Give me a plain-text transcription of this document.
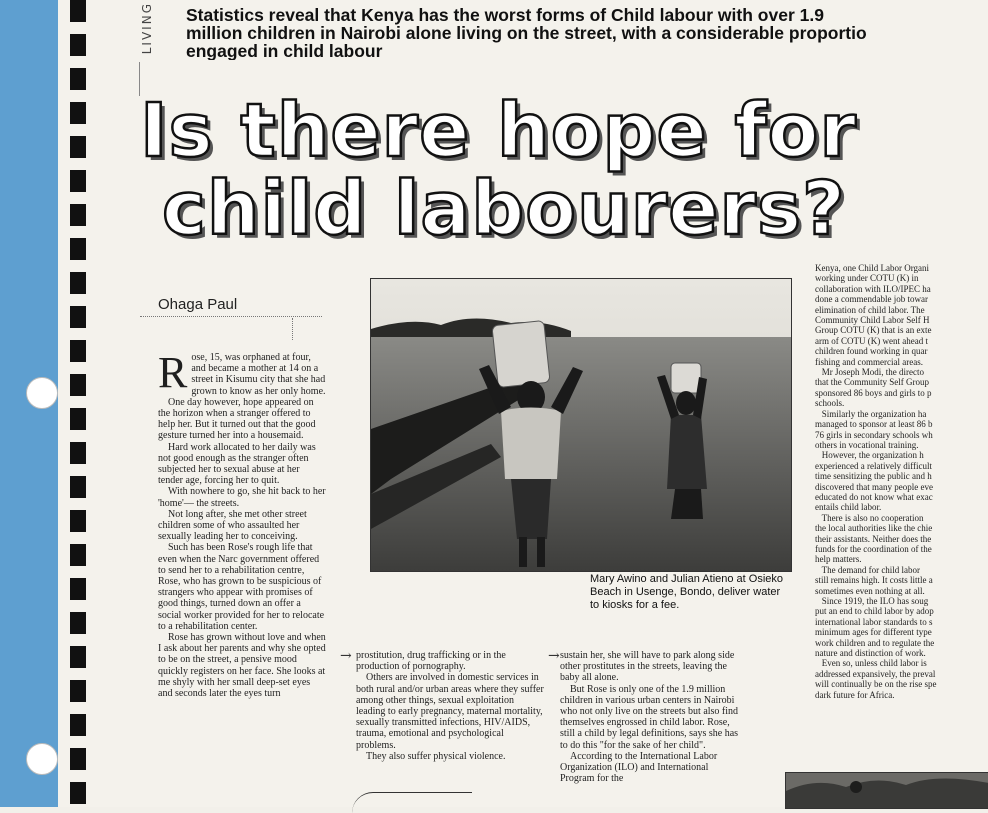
LIVING Statistics reveal that Kenya has the worst forms of Child labour with over 1.9
million children in Nairobi alone living on the street, with a considerable proportio
engaged in child labour
Is there hope for
child labourers?
Ohaga Paul

Rose, 15, was orphaned at four, and became a mother at 14 on a street in Kisumu city that she had grown to know as her only home.

One day however, hope appeared on the horizon when a stranger offered to help her. But it turned out that the good gesture turned her into a housemaid.

Hard work allocated to her daily was not good enough as the stranger often subjected her to sexual abuse at her tender age, forcing her to quit.

With nowhere to go, she hit back to her 'home'— the streets.

Not long after, she met other street children some of who assaulted her sexually leading her to conceiving.

Such has been Rose's rough life that even when the Narc government offered to send her to a rehabilitation centre, Rose, who has grown to be suspicious of strangers who appear with promises of good things, turned down an offer a social worker provided for her to relocate to a rehabilitation center.

Rose has grown without love and when I ask about her parents and why she opted to be on the street, a pensive mood quickly registers on her face. She looks at me shyly with her small deep-set eyes and seconds later the eyes turn

Mary Awino and Julian Atieno at Osieko Beach in Usenge, Bondo, deliver water to kiosks for a fee.
→ prostitution, drug trafficking or in the production of pornography.

Others are involved in domestic services in both rural and/or urban areas where they suffer among other things, sexual exploitation leading to early pregnancy, maternal mortality, sexually transmitted infections, HIV/AIDS, trauma, emotional and psychological problems.

They also suffer physical violence.

→ sustain her, she will have to park along side other prostitutes in the streets, leaving the baby all alone.

But Rose is only one of the 1.9 million children in various urban centers in Nairobi who not only live on the streets but also find themselves engrossed in child labor. Rose, still a child by legal definitions, says she has to do this "for the sake of her child".

According to the International Labor Organization (ILO) and International Program for the

Kenya, one Child Labor Organi
working under COTU (K) in
collaboration with ILO/IPEC ha
done a commendable job towar
elimination of child labor. The
Community Child Labor Self H
Group COTU (K) that is an exte
arm of COTU (K) went ahead t
children found working in quar
fishing and commercial areas.
Mr Joseph Modi, the directo
that the Community Self Group
sponsored 86 boys and girls to p
schools.
Similarly the organization ha
managed to sponsor at least 86 b
76 girls in secondary schools wh
others in vocational training.
However, the organization h
experienced a relatively difficult
time sensitizing the public and h
discovered that many people eve
educated do not know what exac
entails child labor.
There is also no cooperation
the local authorities like the chie
their assistants. Neither does the
funds for the coordination of the
help matters.
The demand for child labor
still remains high. It costs little a
sometimes even nothing at all.
Since 1919, the ILO has soug
put an end to child labor by adop
international labor standards to s
minimum ages for different type
work children and to regulate the
nature and distinction of work.
Even so, unless child labor is
addressed expansively, the preval
will continually be on the rise spe
dark future for Africa.
